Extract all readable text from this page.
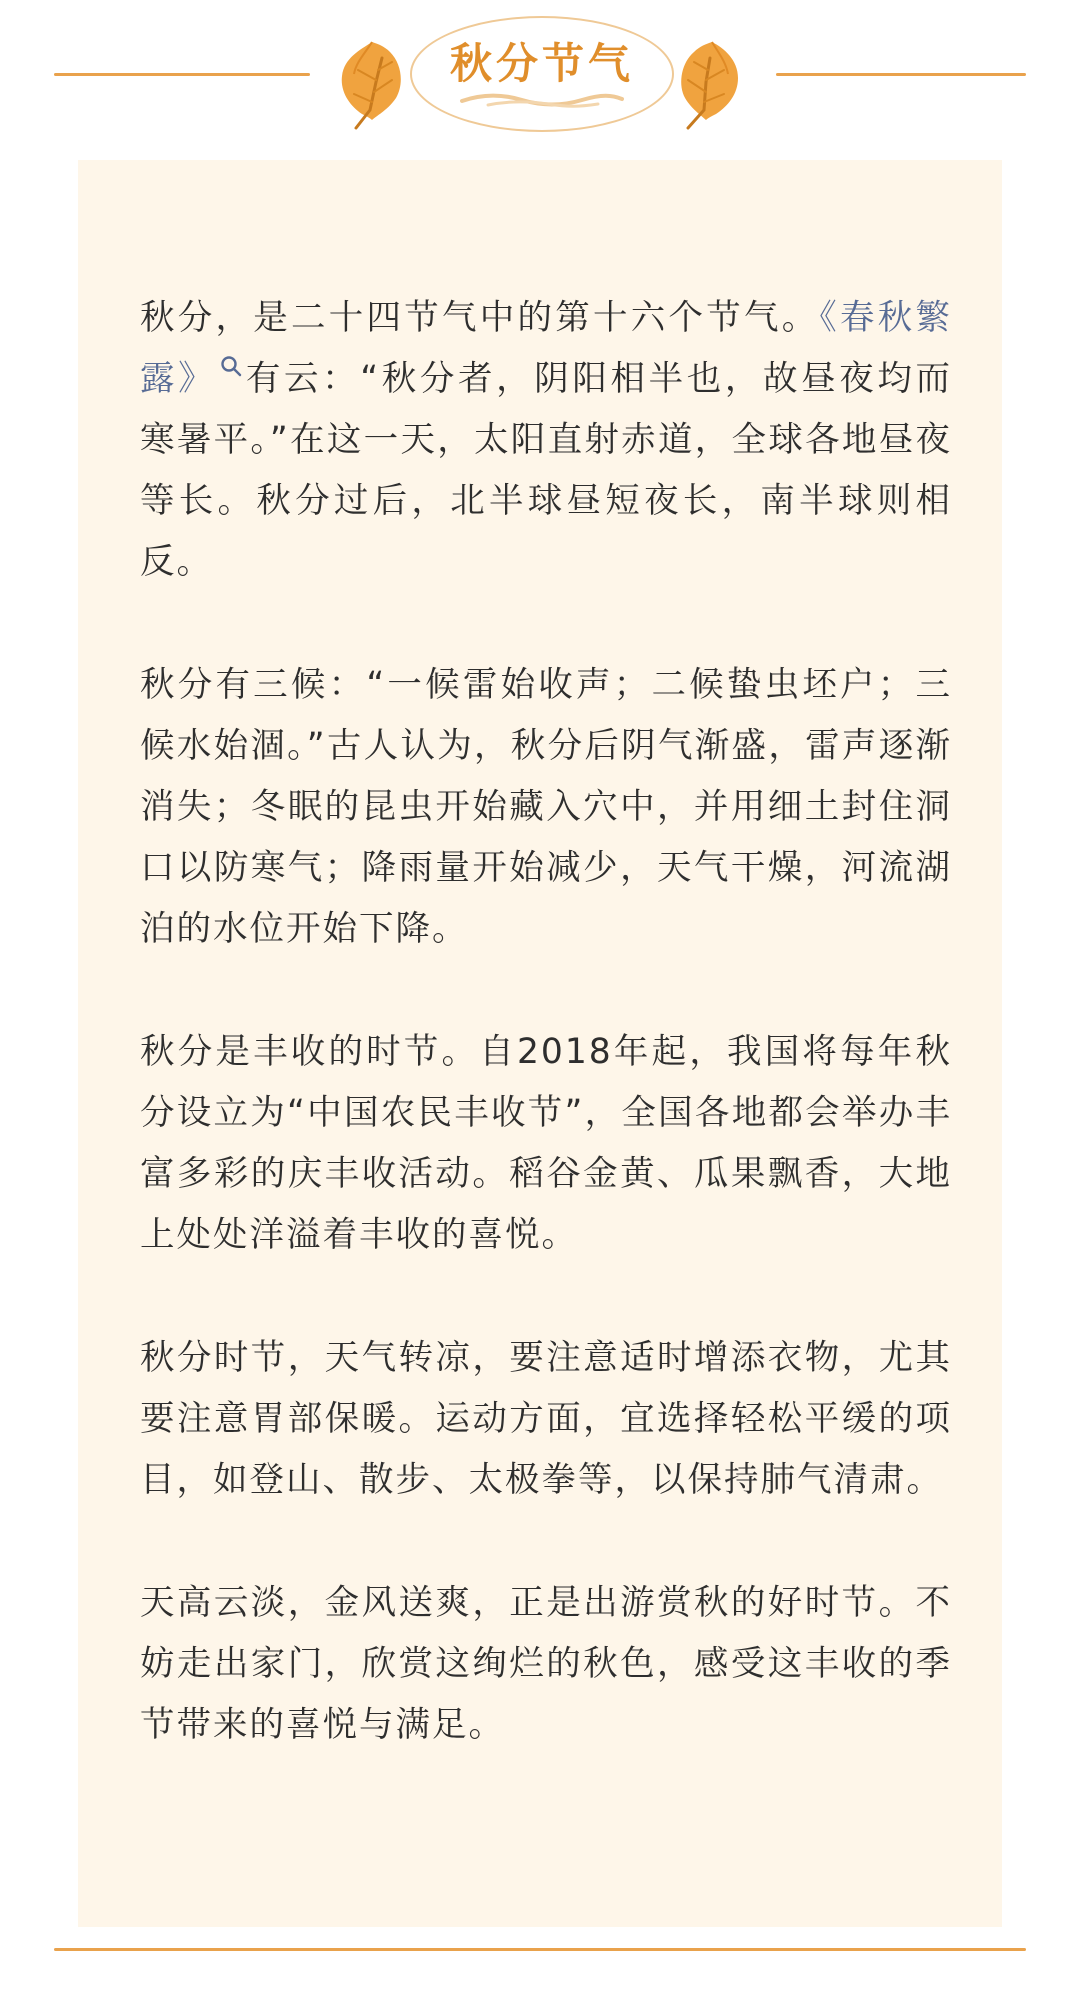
秋分节气

秋分，是二十四节气中的第十六个节气。《春秋繁露》 有云：“秋分者，阴阳相半也，故昼夜均而寒暑平。”在这一天，太阳直射赤道，全球各地昼夜等长。秋分过后，北半球昼短夜长，南半球则相反。

秋分有三候：“一候雷始收声；二候蛰虫坯户；三候水始涸。”古人认为，秋分后阴气渐盛，雷声逐渐消失；冬眠的昆虫开始藏入穴中，并用细土封住洞口以防寒气；降雨量开始减少，天气干燥，河流湖泊的水位开始下降。

秋分是丰收的时节。自2018年起，我国将每年秋分设立为“中国农民丰收节”，全国各地都会举办丰富多彩的庆丰收活动。稻谷金黄、瓜果飘香，大地上处处洋溢着丰收的喜悦。

秋分时节，天气转凉，要注意适时增添衣物，尤其要注意胃部保暖。运动方面，宜选择轻松平缓的项目，如登山、散步、太极拳等，以保持肺气清肃。

天高云淡，金风送爽，正是出游赏秋的好时节。不妨走出家门，欣赏这绚烂的秋色，感受这丰收的季节带来的喜悦与满足。
